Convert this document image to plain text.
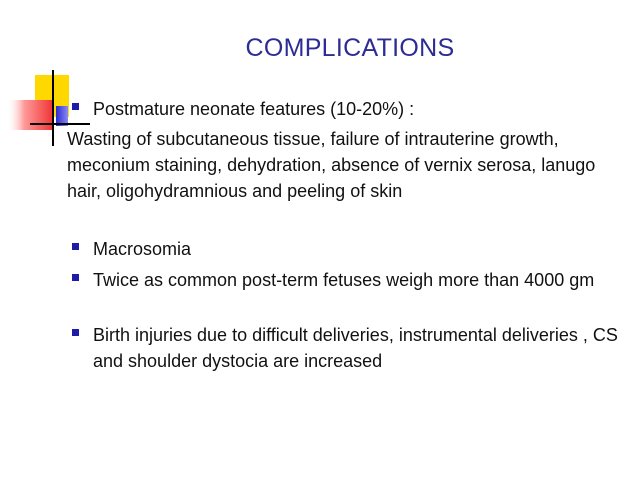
COMPLICATIONS
Postmature neonate features (10-20%) :
Wasting of subcutaneous tissue, failure of intrauterine growth, meconium staining, dehydration, absence of vernix serosa, lanugo hair, oligohydramnious and peeling of skin
Macrosomia
Twice as common post-term fetuses weigh more than 4000 gm
Birth injuries due to difficult deliveries, instrumental deliveries , CS and shoulder dystocia are increased
